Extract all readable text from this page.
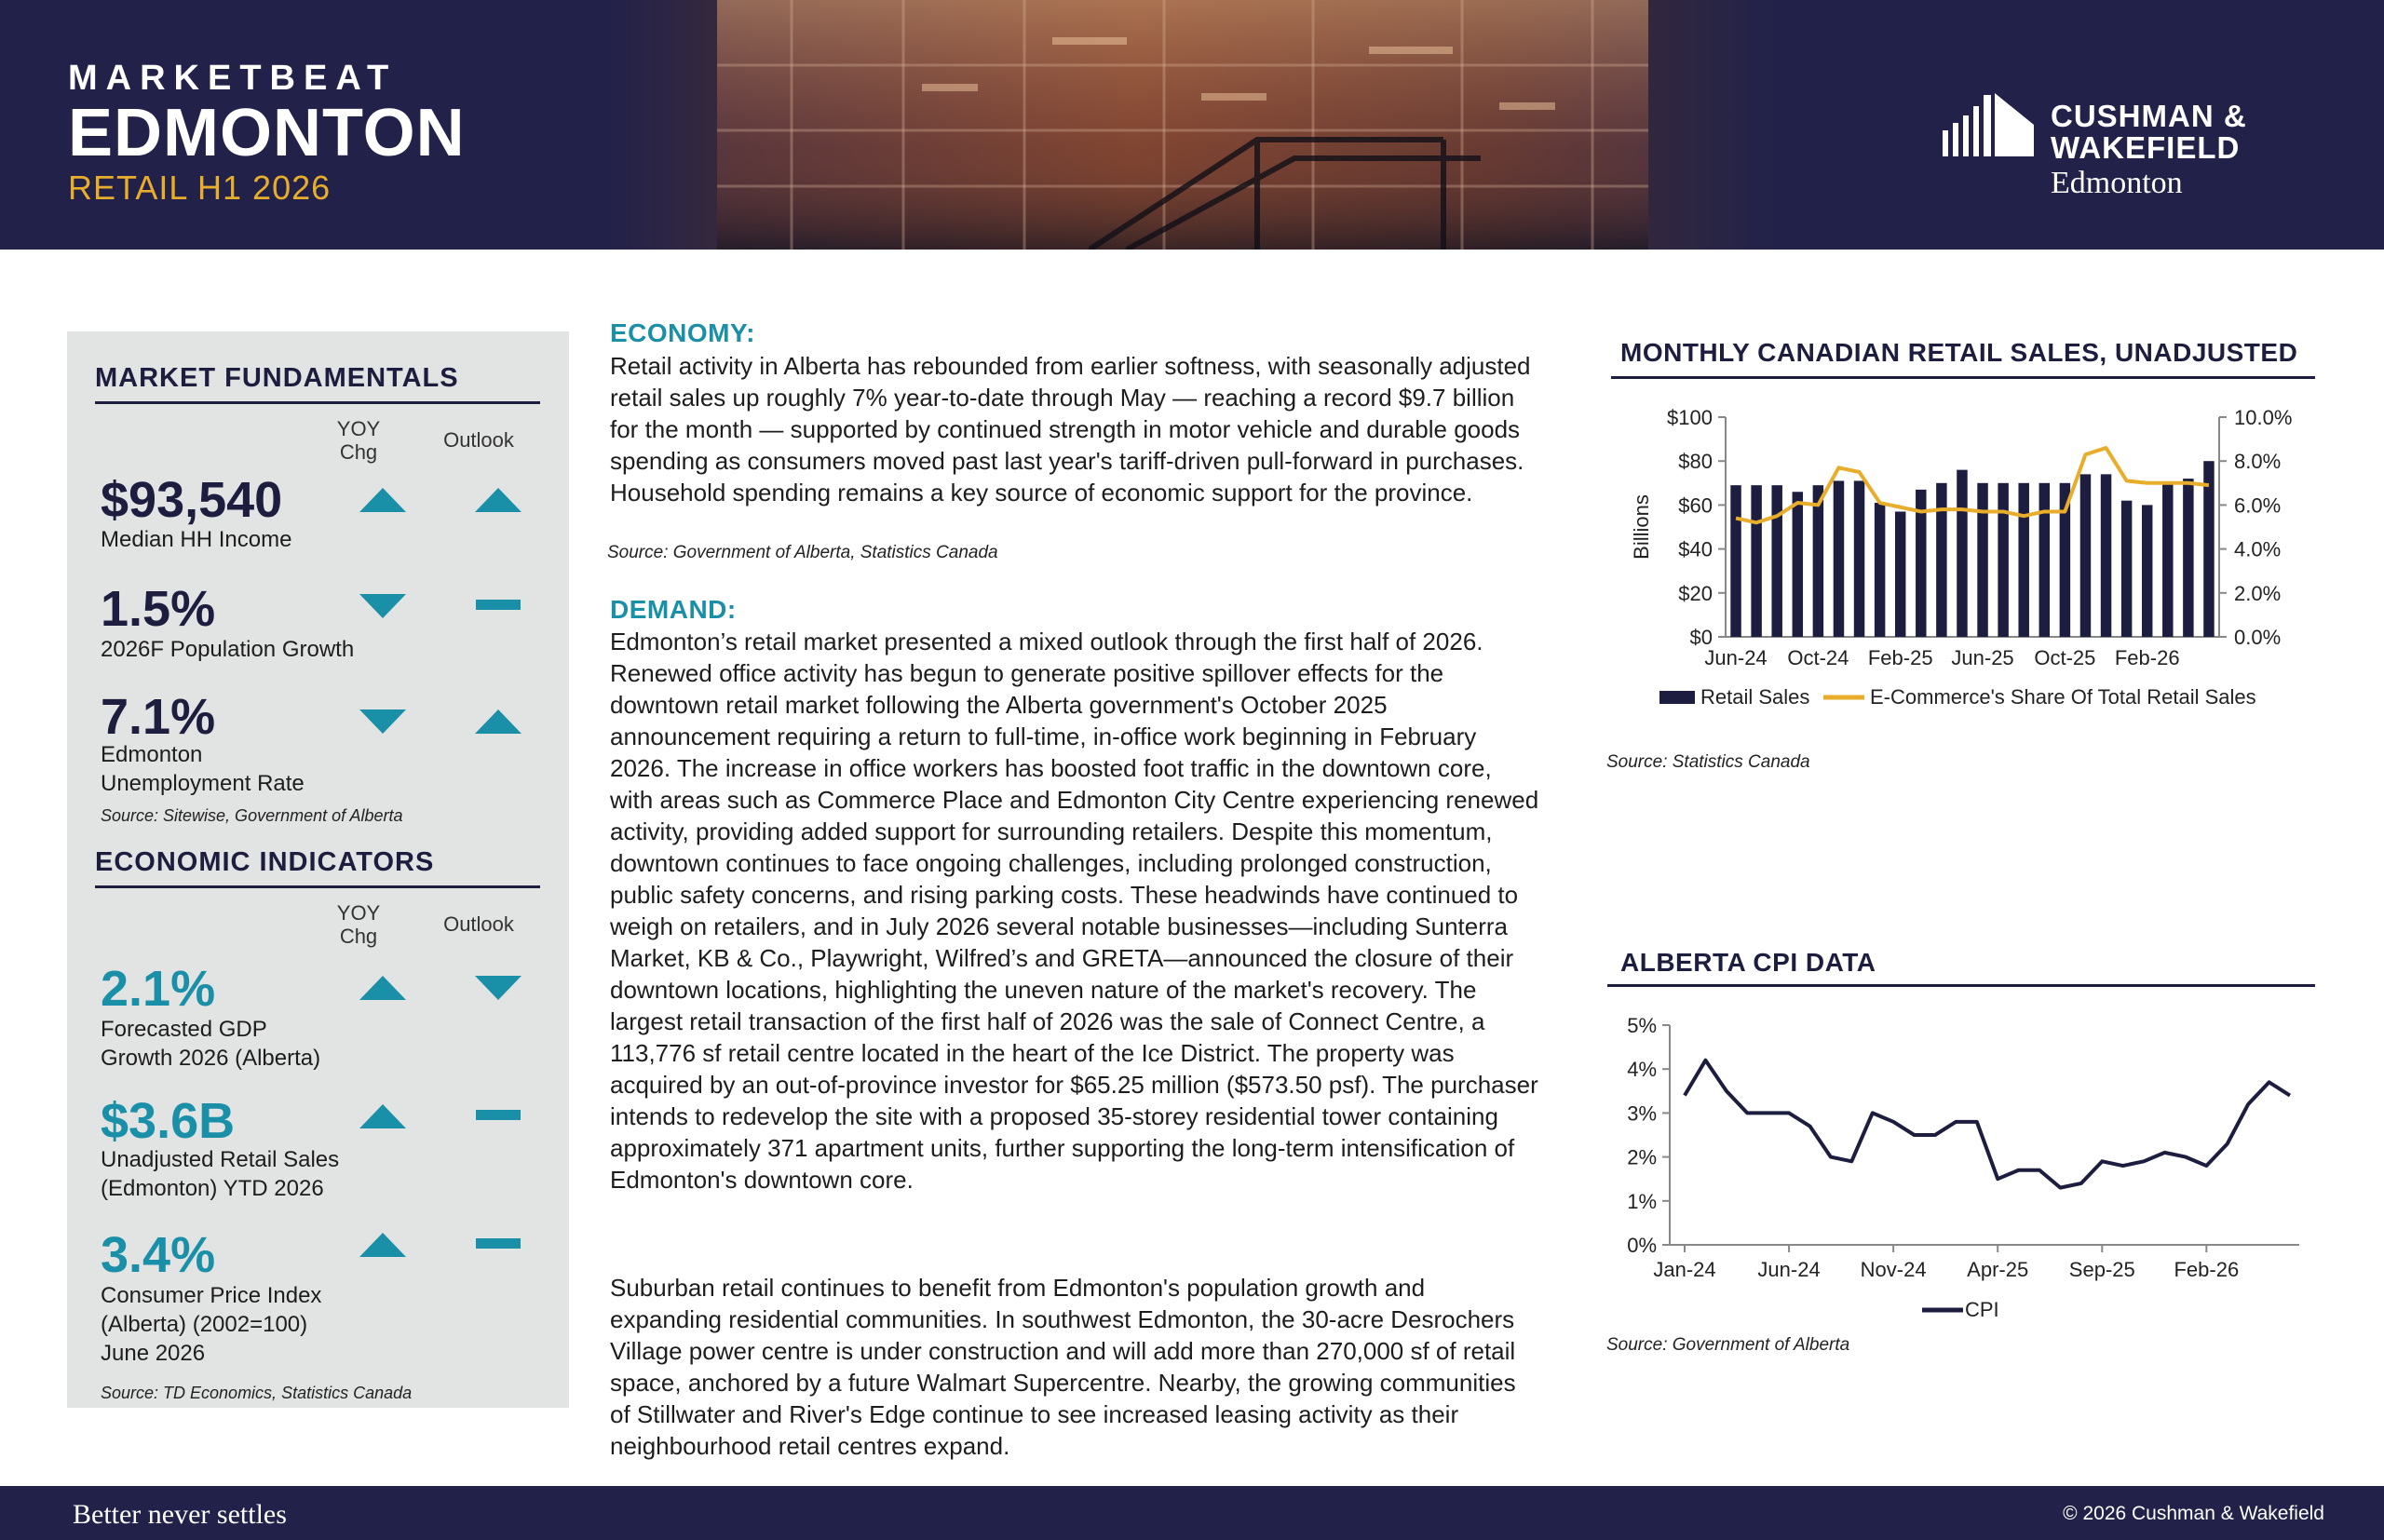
MARKETBEAT
EDMONTON
RETAIL H1 2026
CUSHMAN &
WAKEFIELD
Edmonton
MARKET FUNDAMENTALS
YOY
Chg
Outlook
$93,540
Median HH Income
1.5%
2026F Population Growth
7.1%
Edmonton
Unemployment Rate
Source: Sitewise, Government of Alberta
ECONOMIC INDICATORS
YOY
Chg
Outlook
2.1%
Forecasted GDP
Growth 2026 (Alberta)
$3.6B
Unadjusted Retail Sales
(Edmonton) YTD 2026
3.4%
Consumer Price Index
(Alberta) (2002=100)
June 2026
Source: TD Economics, Statistics Canada
ECONOMY:
Retail activity in Alberta has rebounded from earlier softness, with seasonally adjusted retail sales up roughly 7% year-to-date through May — reaching a record $9.7 billion for the month — supported by continued strength in motor vehicle and durable goods spending as consumers moved past last year's tariff-driven pull-forward in purchases. Household spending remains a key source of economic support for the province.
Source: Government of Alberta, Statistics Canada
DEMAND:
Edmonton’s retail market presented a mixed outlook through the first half of 2026. Renewed office activity has begun to generate positive spillover effects for the downtown retail market following the Alberta government's October 2025 announcement requiring a return to full-time, in-office work beginning in February 2026. The increase in office workers has boosted foot traffic in the downtown core, with areas such as Commerce Place and Edmonton City Centre experiencing renewed activity, providing added support for surrounding retailers. Despite this momentum, downtown continues to face ongoing challenges, including prolonged construction, public safety concerns, and rising parking costs. These headwinds have continued to weigh on retailers, and in July 2026 several notable businesses—including Sunterra Market, KB & Co., Playwright, Wilfred’s and GRETA—announced the closure of their downtown locations, highlighting the uneven nature of the market's recovery. The largest retail transaction of the first half of 2026 was the sale of Connect Centre, a 113,776 sf retail centre located in the heart of the Ice District. The property was acquired by an out-of-province investor for $65.25 million ($573.50 psf). The purchaser intends to redevelop the site with a proposed 35-storey residential tower containing approximately 371 apartment units, further supporting the long-term intensification of Edmonton's downtown core.
Suburban retail continues to benefit from Edmonton's population growth and expanding residential communities. In southwest Edmonton, the 30-acre Desrochers Village power centre is under construction and will add more than 270,000 sf of retail space, anchored by a future Walmart Supercentre. Nearby, the growing communities of Stillwater and River's Edge continue to see increased leasing activity as their neighbourhood retail centres expand.
MONTHLY CANADIAN RETAIL SALES, UNADJUSTED
$0
$20
$40
$60
$80
$100
0.0%
2.0%
4.0%
6.0%
8.0%
10.0%
Billions
Jun-24 Oct-24 Feb-25 Jun-25 Oct-25 Feb-26
Retail Sales	E-Commerce's Share Of Total Retail Sales
Source: Statistics Canada
ALBERTA CPI DATA
0%
1%
2%
3%
4%
5%
Jan-24 Jun-24 Nov-24 Apr-25 Sep-25 Feb-26
CPI
Source: Government of Alberta
Better never settles	© 2026 Cushman & Wakefield
